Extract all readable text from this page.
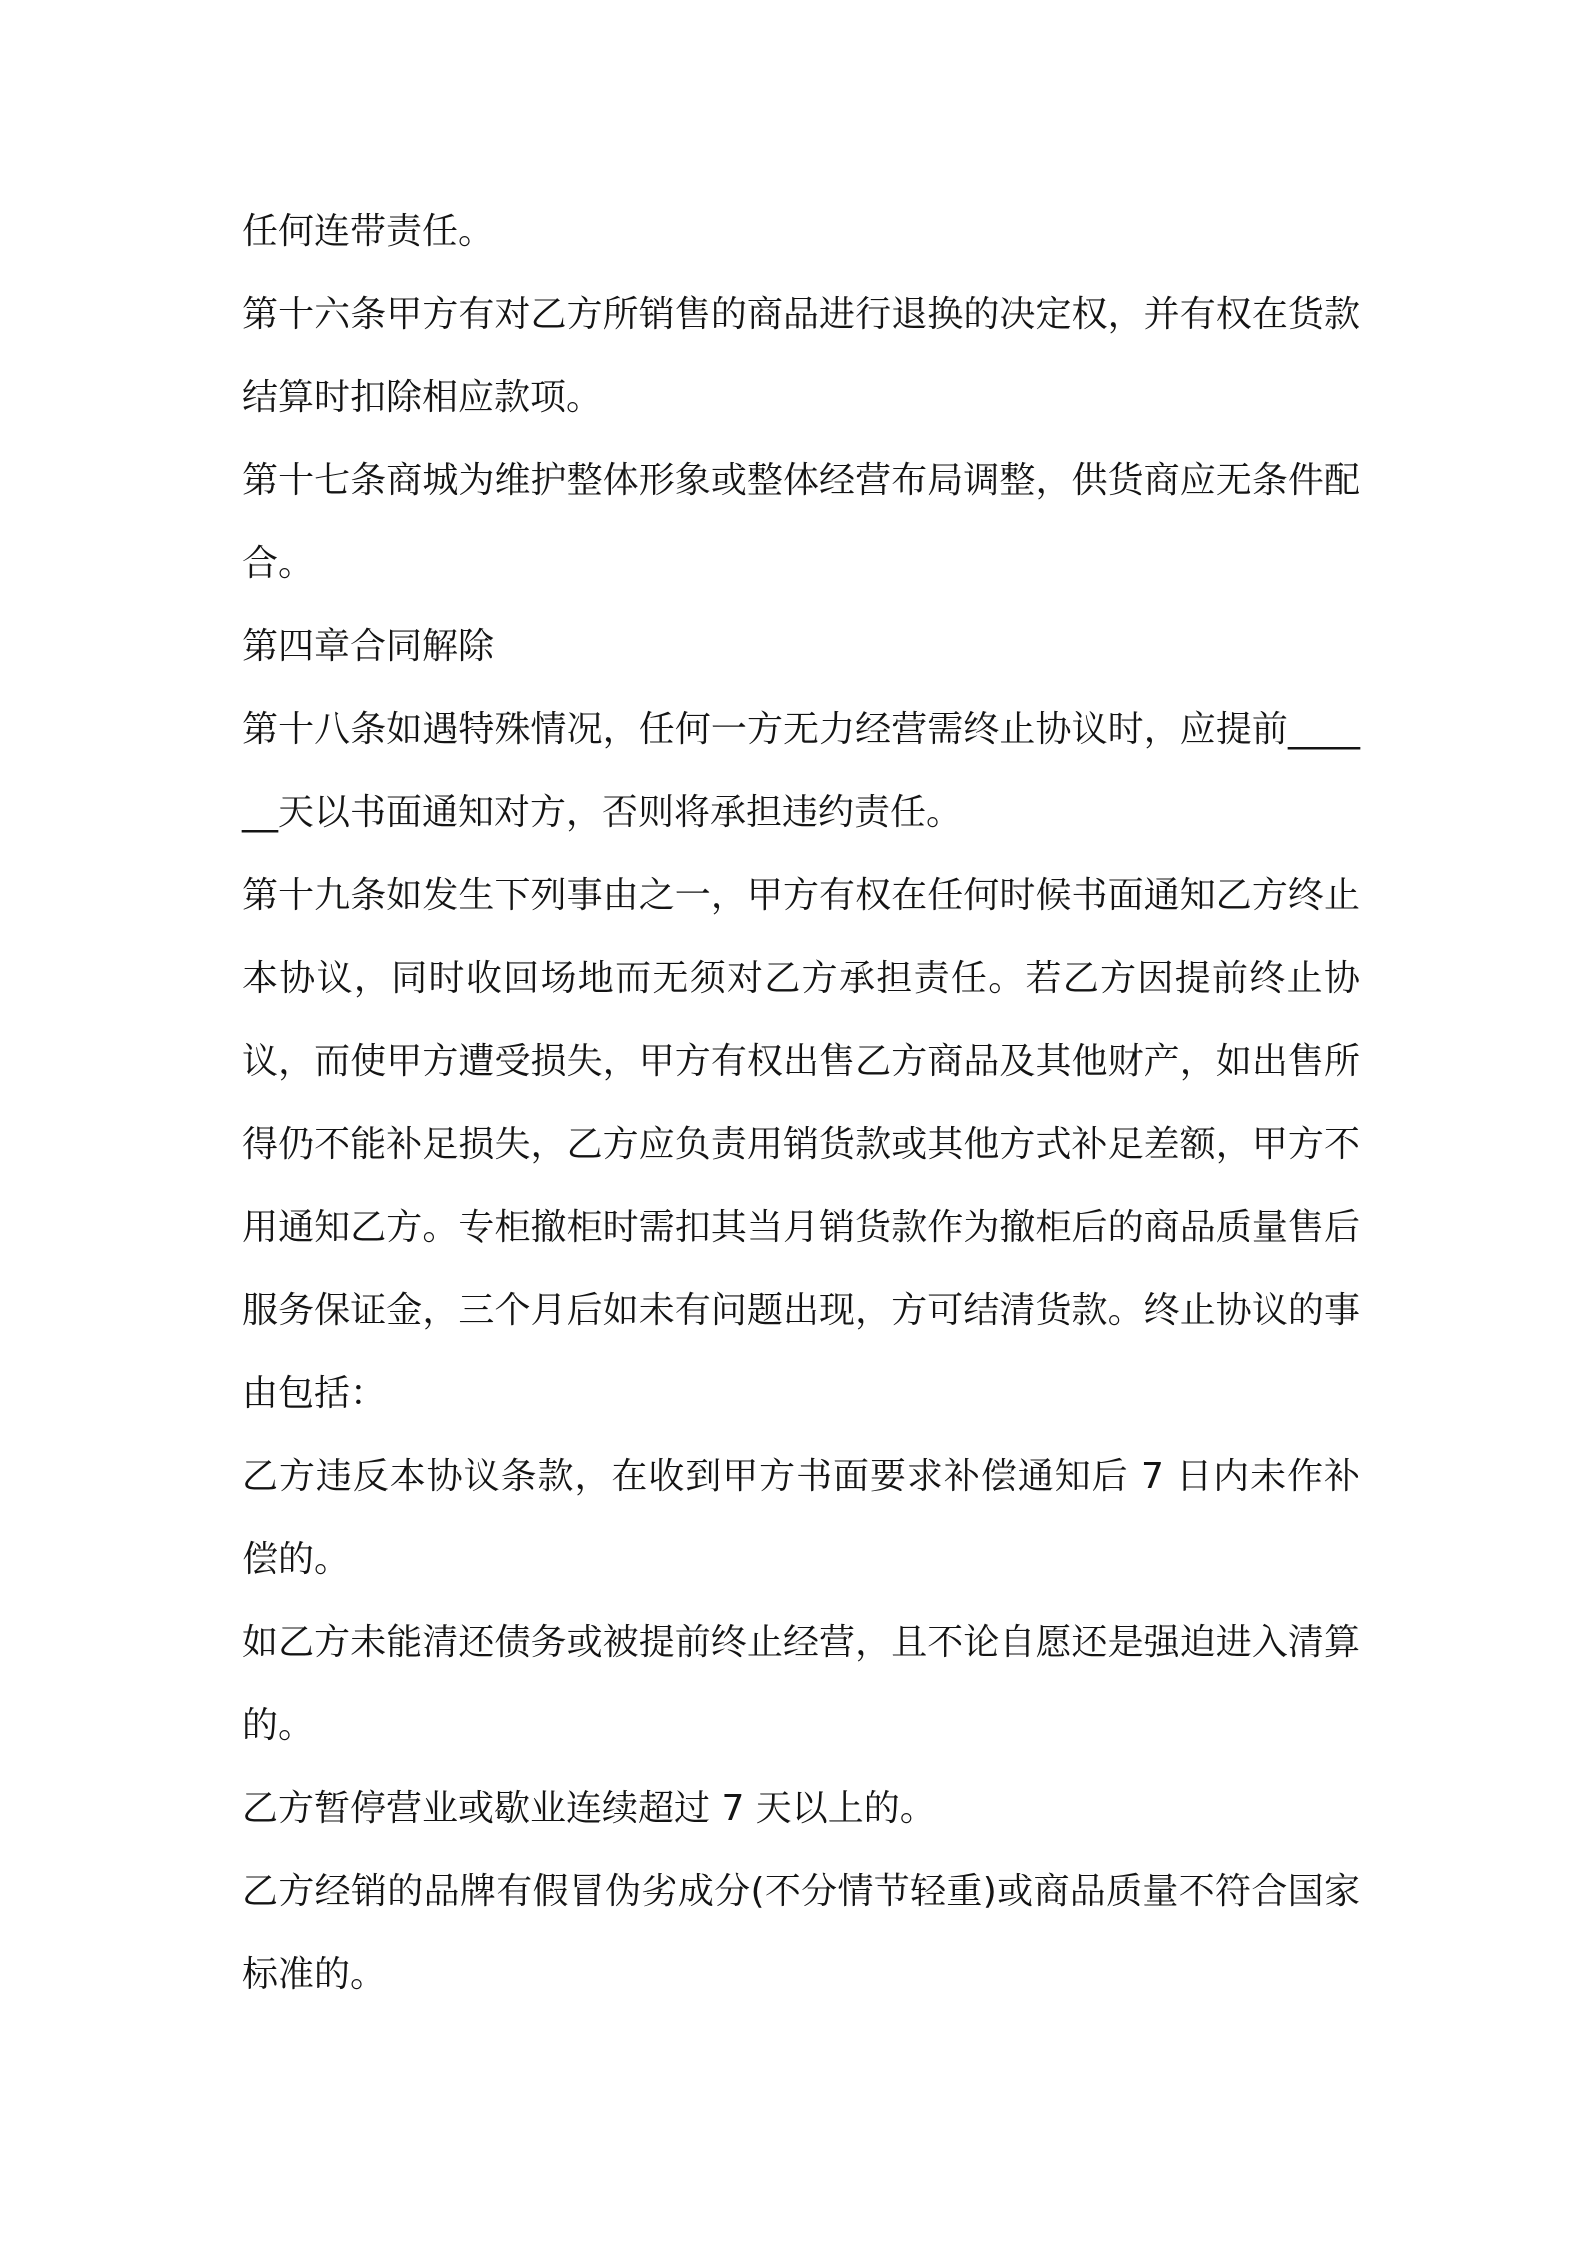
任何连带责任。

第十六条甲方有对乙方所销售的商品进行退换的决定权，并有权在货款结算时扣除相应款项。

第十七条商城为维护整体形象或整体经营布局调整，供货商应无条件配合。

第四章合同解除

第十八条如遇特殊情况，任何一方无力经营需终止协议时，应提前______天以书面通知对方，否则将承担违约责任。

第十九条如发生下列事由之一，甲方有权在任何时候书面通知乙方终止本协议，同时收回场地而无须对乙方承担责任。若乙方因提前终止协议，而使甲方遭受损失，甲方有权出售乙方商品及其他财产，如出售所得仍不能补足损失，乙方应负责用销货款或其他方式补足差额，甲方不用通知乙方。专柜撤柜时需扣其当月销货款作为撤柜后的商品质量售后服务保证金，三个月后如未有问题出现，方可结清货款。终止协议的事由包括：

乙方违反本协议条款，在收到甲方书面要求补偿通知后 7 日内未作补偿的。

如乙方未能清还债务或被提前终止经营，且不论自愿还是强迫进入清算的。

乙方暂停营业或歇业连续超过 7 天以上的。

乙方经销的品牌有假冒伪劣成分(不分情节轻重)或商品质量不符合国家标准的。
